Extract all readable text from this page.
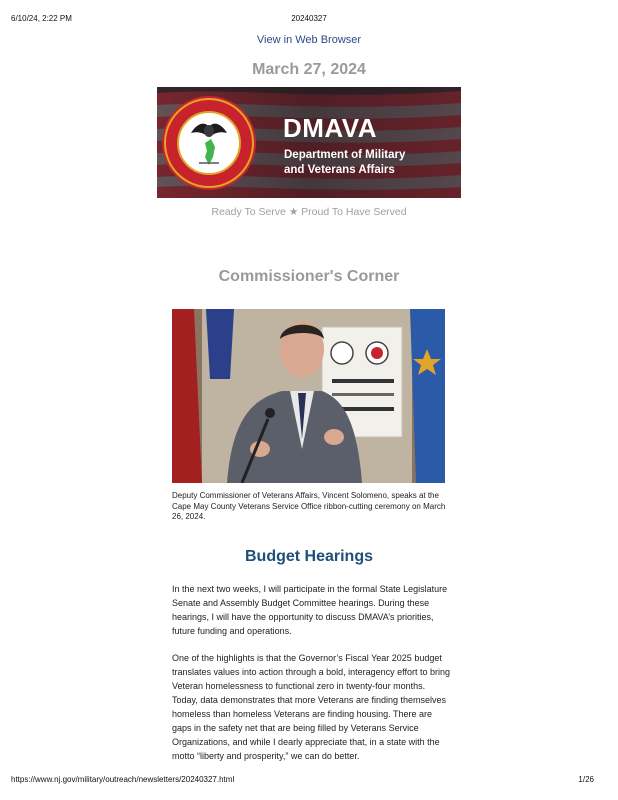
6/10/24, 2:22 PM	20240327
View in Web Browser
March 27, 2024
DMAVA
Department of Military
and Veterans Affairs
Ready To Serve ★ Proud To Have Served
Commissioner's Corner
Deputy Commissioner of Veterans Affairs, Vincent Solomeno, speaks at the Cape May County Veterans Service Office ribbon-cutting ceremony on March 26, 2024.
Budget Hearings

In the next two weeks, I will participate in the formal State Legislature Senate and Assembly Budget Committee hearings. During these hearings, I will have the opportunity to discuss DMAVA’s priorities, future funding and operations.

One of the highlights is that the Governor’s Fiscal Year 2025 budget translates values into action through a bold, interagency effort to bring Veteran homelessness to functional zero in twenty-four months. Today, data demonstrates that more Veterans are finding themselves homeless than homeless Veterans are finding housing. There are gaps in the safety net that are being filled by Veterans Service Organizations, and while I dearly appreciate that, in a state with the motto “liberty and prosperity,” we can do better.

https://www.nj.gov/military/outreach/newsletters/20240327.html	1/26
